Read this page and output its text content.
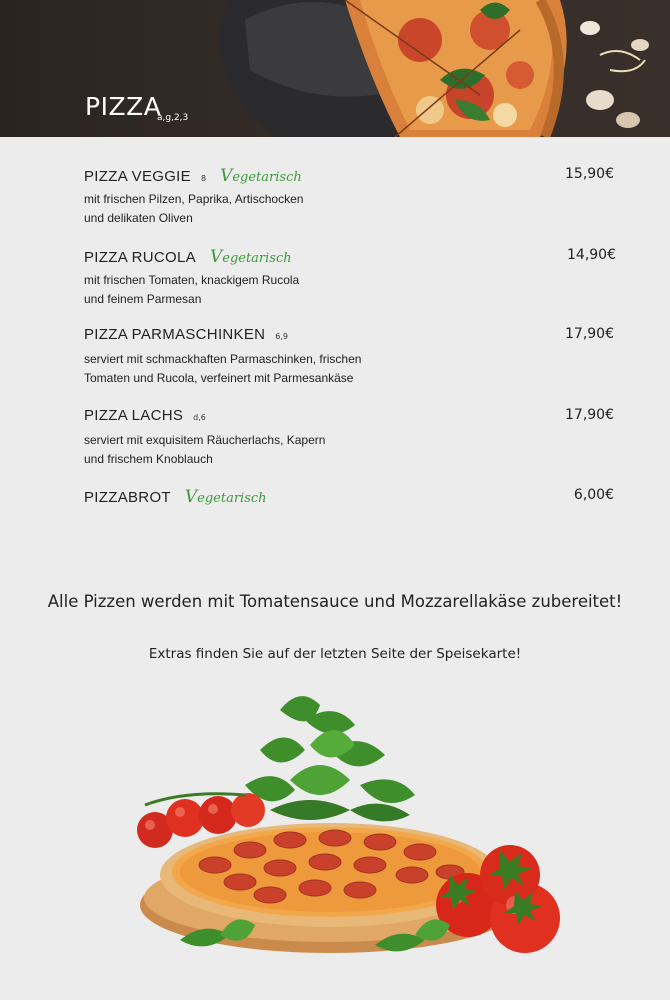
PIZZA
a,g,2,3
PIZZA VEGGIE 8 Vegetarisch	15,90€
mit frischen Pilzen, Paprika, Artischocken
und delikaten Oliven
PIZZA RUCOLA Vegetarisch	14,90€
mit frischen Tomaten, knackigem Rucola
und feinem Parmesan
PIZZA PARMASCHINKEN 6,9	17,90€
serviert mit schmackhaften Parmaschinken, frischen
Tomaten und Rucola, verfeinert mit Parmesankäse
PIZZA LACHS d,6	17,90€
serviert mit exquisitem Räucherlachs, Kapern
und frischem Knoblauch
PIZZABROT Vegetarisch	6,00€
Alle Pizzen werden mit Tomatensauce und Mozzarellakäse zubereitet!
Extras finden Sie auf der letzten Seite der Speisekarte!
